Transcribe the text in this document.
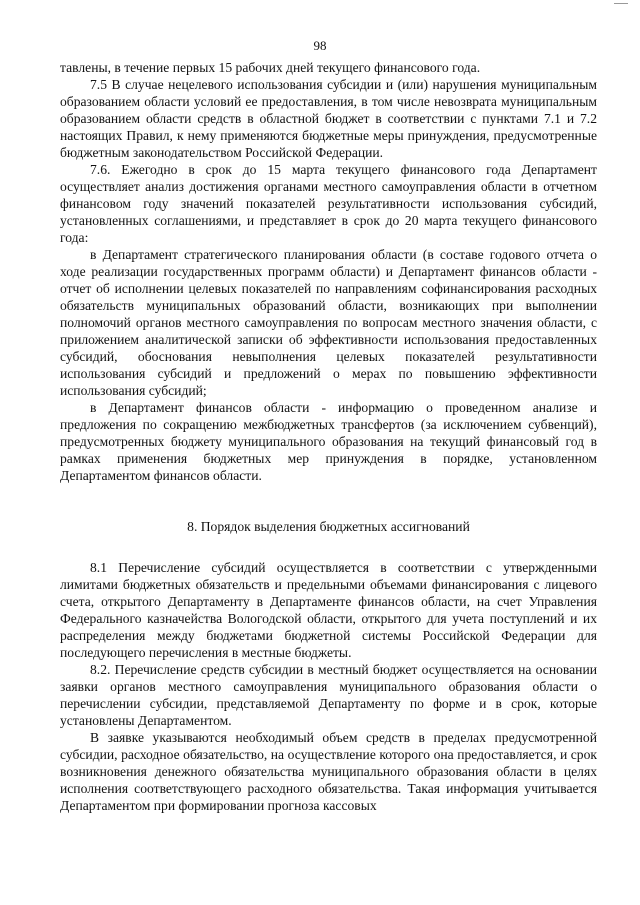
98

тавлены, в течение первых 15 рабочих дней текущего финансового года.

7.5 В случае нецелевого использования субсидии и (или) нарушения муниципальным образованием области условий ее предоставления, в том числе невозврата муниципальным образованием области средств в областной бюджет в соответствии с пунктами 7.1 и 7.2 настоящих Правил, к нему применяются бюджетные меры принуждения, предусмотренные бюджетным законодательством Российской Федерации.

7.6. Ежегодно в срок до 15 марта текущего финансового года Департамент осуществляет анализ достижения органами местного самоуправления области в отчетном финансовом году значений показателей результативности использования субсидий, установленных соглашениями, и представляет в срок до 20 марта текущего финансового года:

в Департамент стратегического планирования области (в составе годового отчета о ходе реализации государственных программ области) и Департамент финансов области - отчет об исполнении целевых показателей по направлениям софинансирования расходных обязательств муниципальных образований области, возникающих при выполнении полномочий органов местного самоуправления по вопросам местного значения области, с приложением аналитической записки об эффективности использования предоставленных субсидий, обоснования невыполнения целевых показателей результативности использования субсидий и предложений о мерах по повышению эффективности использования субсидий;

в Департамент финансов области - информацию о проведенном анализе и предложения по сокращению межбюджетных трансфертов (за исключением субвенций), предусмотренных бюджету муниципального образования на текущий финансовый год в рамках применения бюджетных мер принуждения в порядке, установленном Департаментом финансов области.

8. Порядок выделения бюджетных ассигнований

8.1 Перечисление субсидий осуществляется в соответствии с утвержденными лимитами бюджетных обязательств и предельными объемами финансирования с лицевого счета, открытого Департаменту в Департаменте финансов области, на счет Управления Федерального казначейства Вологодской области, открытого для учета поступлений и их распределения между бюджетами бюджетной системы Российской Федерации для последующего перечисления в местные бюджеты.

8.2. Перечисление средств субсидии в местный бюджет осуществляется на основании заявки органов местного самоуправления муниципального образования области о перечислении субсидии, представляемой Департаменту по форме и в срок, которые установлены Департаментом.

В заявке указываются необходимый объем средств в пределах предусмотренной субсидии, расходное обязательство, на осуществление которого она предоставляется, и срок возникновения денежного обязательства муниципального образования области в целях исполнения соответствующего расходного обязательства. Такая информация учитывается Департаментом при формировании прогноза кассовых
